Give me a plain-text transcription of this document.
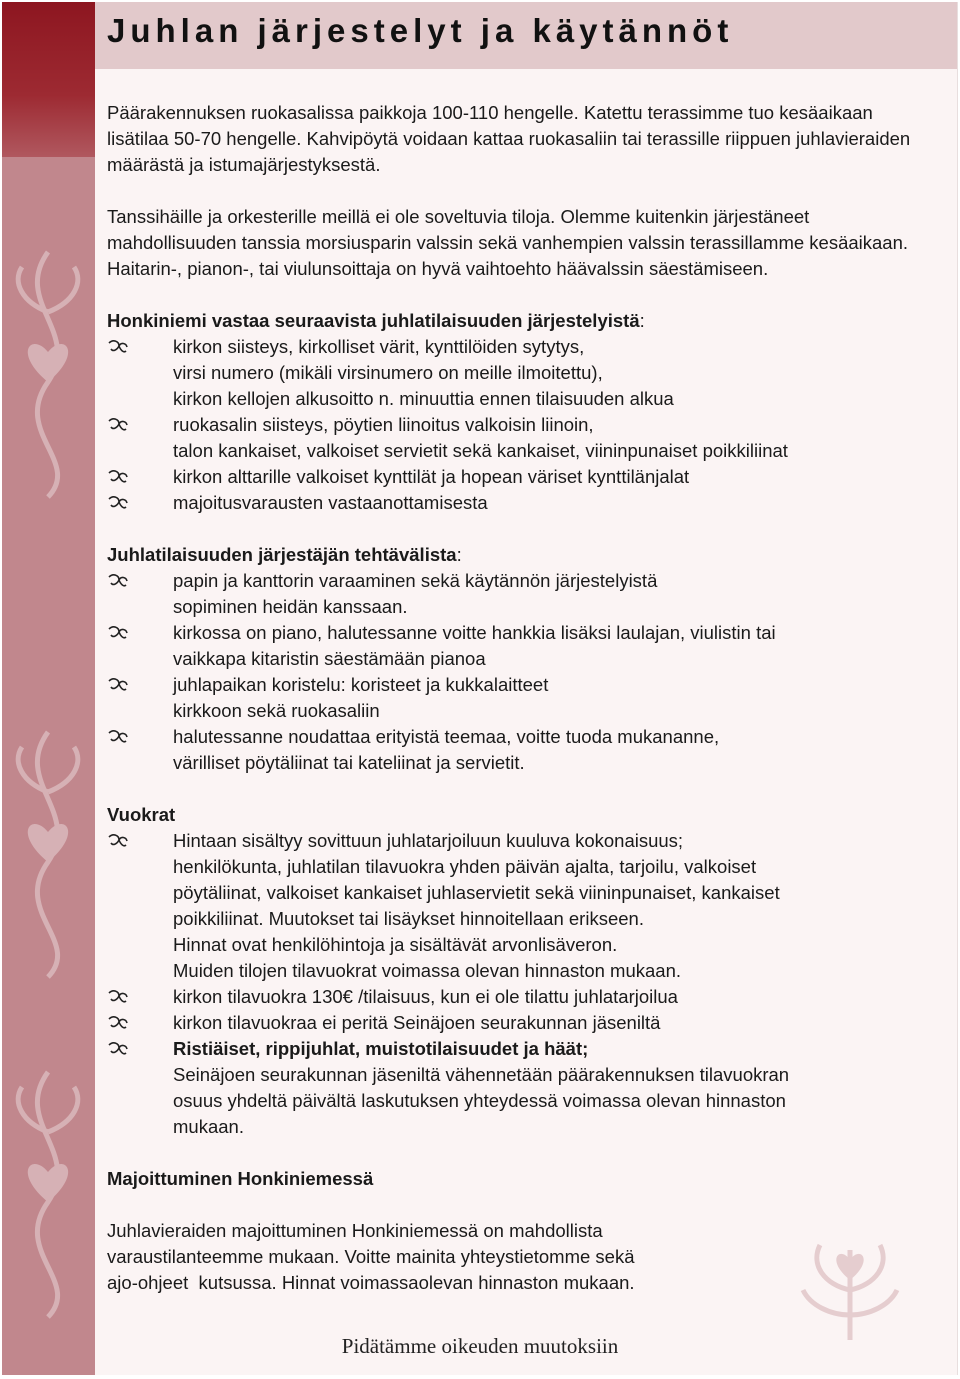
Juhlan järjestelyt ja käytännöt

Päärakennuksen ruokasalissa paikkoja 100-110 hengelle. Katettu terassimme tuo kesäaikaan lisätilaa 50-70 hengelle. Kahvipöytä voidaan kattaa ruokasaliin tai terassille riippuen juhlavieraiden määrästä ja istumajärjestyksestä.

Tanssihäille ja orkesterille meillä ei ole soveltuvia tiloja. Olemme kuitenkin järjestäneet mahdollisuuden tanssia morsiusparin valssin sekä vanhempien valssin terassillamme kesäaikaan. Haitarin-, pianon-, tai viulunsoittaja on hyvä vaihtoehto häävalssin säestämiseen.

Honkiniemi vastaa seuraavista juhlatilaisuuden järjestelyistä:
kirkon siisteys, kirkolliset värit, kynttilöiden sytytys,
virsi numero (mikäli virsinumero on meille ilmoitettu),
kirkon kellojen alkusoitto n. minuuttia ennen tilaisuuden alkua
ruokasalin siisteys, pöytien liinoitus valkoisin liinoin,
talon kankaiset, valkoiset servietit sekä kankaiset, viininpunaiset poikkiliinat
kirkon alttarille valkoiset kynttilät ja hopean väriset kynttilänjalat
majoitusvarausten vastaanottamisesta
Juhlatilaisuuden järjestäjän tehtävälista:
papin ja kanttorin varaaminen sekä käytännön järjestelyistä
sopiminen heidän kanssaan.
kirkossa on piano, halutessanne voitte hankkia lisäksi laulajan, viulistin tai
vaikkapa kitaristin säestämään pianoa
juhlapaikan koristelu: koristeet ja kukkalaitteet
kirkkoon sekä ruokasaliin
halutessanne noudattaa erityistä teemaa, voitte tuoda mukananne,
värilliset pöytäliinat tai kateliinat ja servietit.
Vuokrat
Hintaan sisältyy sovittuun juhlatarjoiluun kuuluva kokonaisuus;
henkilökunta, juhlatilan tilavuokra yhden päivän ajalta, tarjoilu, valkoiset
pöytäliinat, valkoiset kankaiset juhlaservietit sekä viininpunaiset, kankaiset
poikkiliinat. Muutokset tai lisäykset hinnoitellaan erikseen.
Hinnat ovat henkilöhintoja ja sisältävät arvonlisäveron.
Muiden tilojen tilavuokrat voimassa olevan hinnaston mukaan.
kirkon tilavuokra 130€ /tilaisuus, kun ei ole tilattu juhlatarjoilua
kirkon tilavuokraa ei peritä Seinäjoen seurakunnan jäseniltä
Ristiäiset, rippijuhlat, muistotilaisuudet ja häät;
Seinäjoen seurakunnan jäseniltä vähennetään päärakennuksen tilavuokran
osuus yhdeltä päivältä laskutuksen yhteydessä voimassa olevan hinnaston
mukaan.

Majoittuminen Honkiniemessä

Juhlavieraiden majoittuminen Honkiniemessä on mahdollista
varaustilanteemme mukaan. Voitte mainita yhteystietomme sekä
ajo-ohjeet  kutsussa. Hinnat voimassaolevan hinnaston mukaan.
Pidätämme oikeuden muutoksiin
